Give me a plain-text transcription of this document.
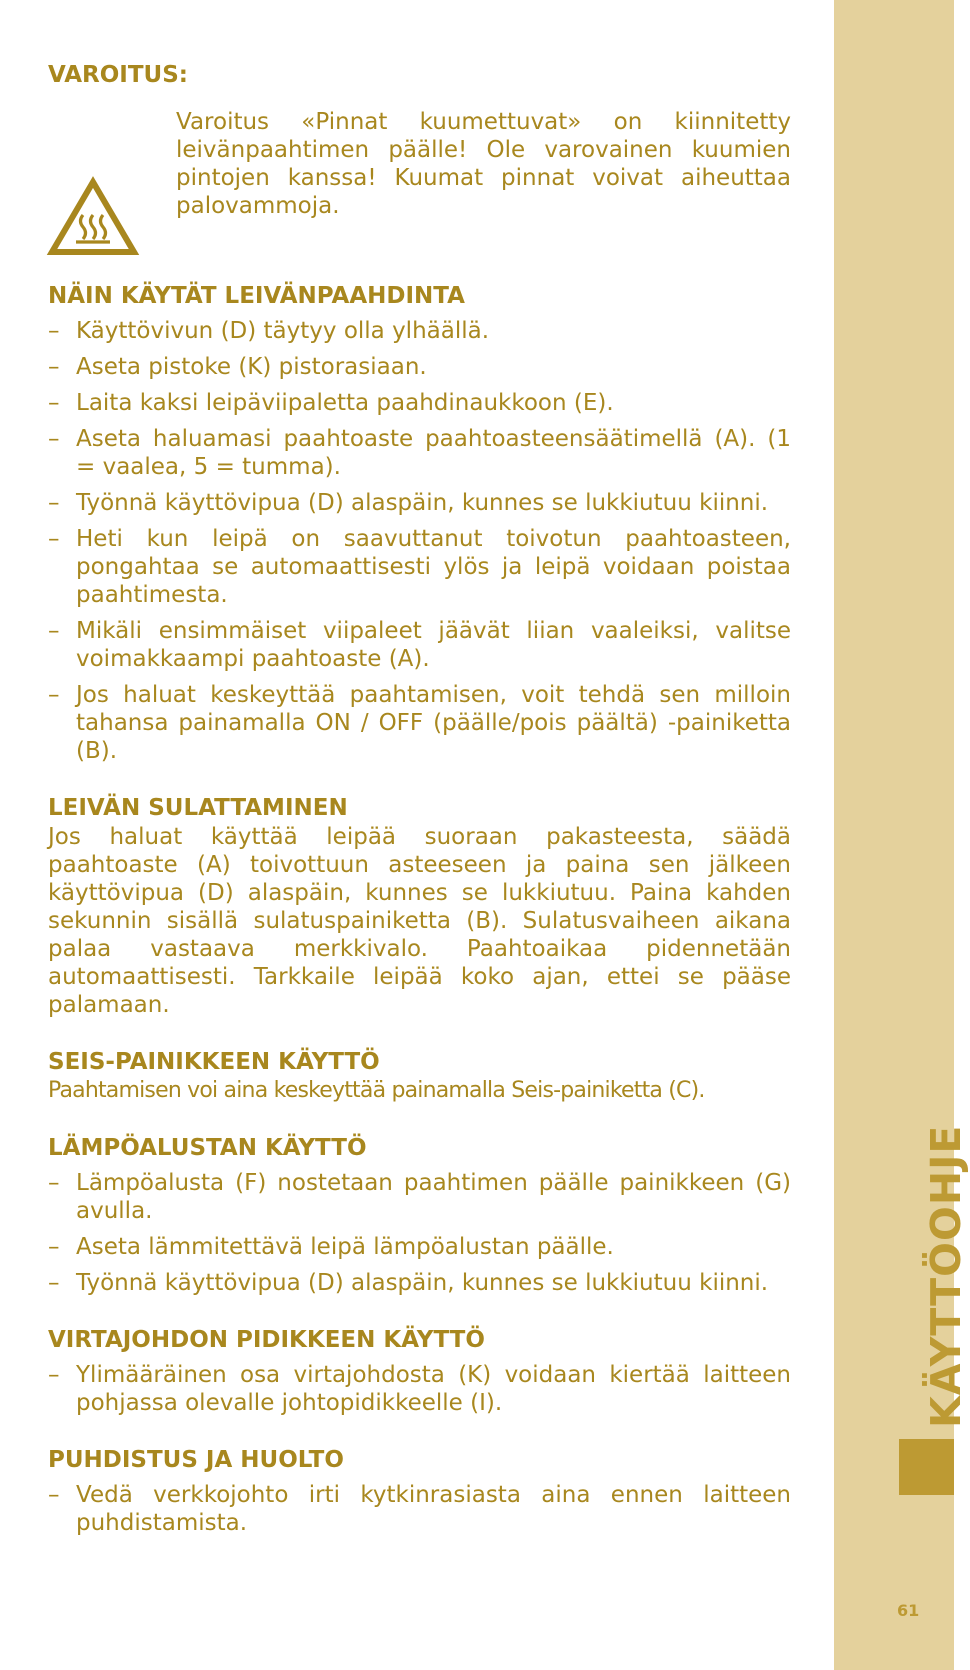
KÄYTTÖOHJE
61
VAROITUS:
Varoitus «Pinnat kuumettuvat» on kiinnitetty leivänpaahtimen päälle! Ole varovainen kuumien pintojen kanssa! Kuumat pinnat voivat aiheuttaa palovammoja.
NÄIN KÄYTÄT LEIVÄNPAAHDINTA
– Käyttövivun (D) täytyy olla ylhäällä.
– Aseta pistoke (K) pistorasiaan.
– Laita kaksi leipäviipaletta paahdinaukkoon (E).
– Aseta haluamasi paahtoaste paahtoasteensäätimellä (A). (1 = vaalea, 5 = tumma).
– Työnnä käyttövipua (D) alaspäin, kunnes se lukkiutuu kiinni.
– Heti kun leipä on saavuttanut toivotun paahtoasteen, pongahtaa se automaattisesti ylös ja leipä voidaan poistaa paahtimesta.
– Mikäli ensimmäiset viipaleet jäävät liian vaaleiksi, valitse voimakkaampi paahtoaste (A).
– Jos haluat keskeyttää paahtamisen, voit tehdä sen milloin tahansa painamalla ON / OFF (päälle/pois päältä) -painiketta (B).
LEIVÄN SULATTAMINEN
Jos haluat käyttää leipää suoraan pakasteesta, säädä paahtoaste (A) toivottuun asteeseen ja paina sen jälkeen käyttövipua (D) alaspäin, kunnes se lukkiutuu. Paina kahden sekunnin sisällä sulatuspainiketta (B). Sulatusvaiheen aikana palaa vastaava merkkivalo. Paahtoaikaa pidennetään automaattisesti. Tarkkaile leipää koko ajan, ettei se pääse palamaan.
SEIS-PAINIKKEEN KÄYTTÖ
Paahtamisen voi aina keskeyttää painamalla Seis-painiketta (C).
LÄMPÖALUSTAN KÄYTTÖ
– Lämpöalusta (F) nostetaan paahtimen päälle painikkeen (G) avulla.
– Aseta lämmitettävä leipä lämpöalustan päälle.
– Työnnä käyttövipua (D) alaspäin, kunnes se lukkiutuu kiinni.
VIRTAJOHDON PIDIKKEEN KÄYTTÖ
– Ylimääräinen osa virtajohdosta (K) voidaan kiertää laitteen pohjassa olevalle johtopidikkeelle (I).
PUHDISTUS JA HUOLTO
– Vedä verkkojohto irti kytkinrasiasta aina ennen laitteen puhdistamista.
